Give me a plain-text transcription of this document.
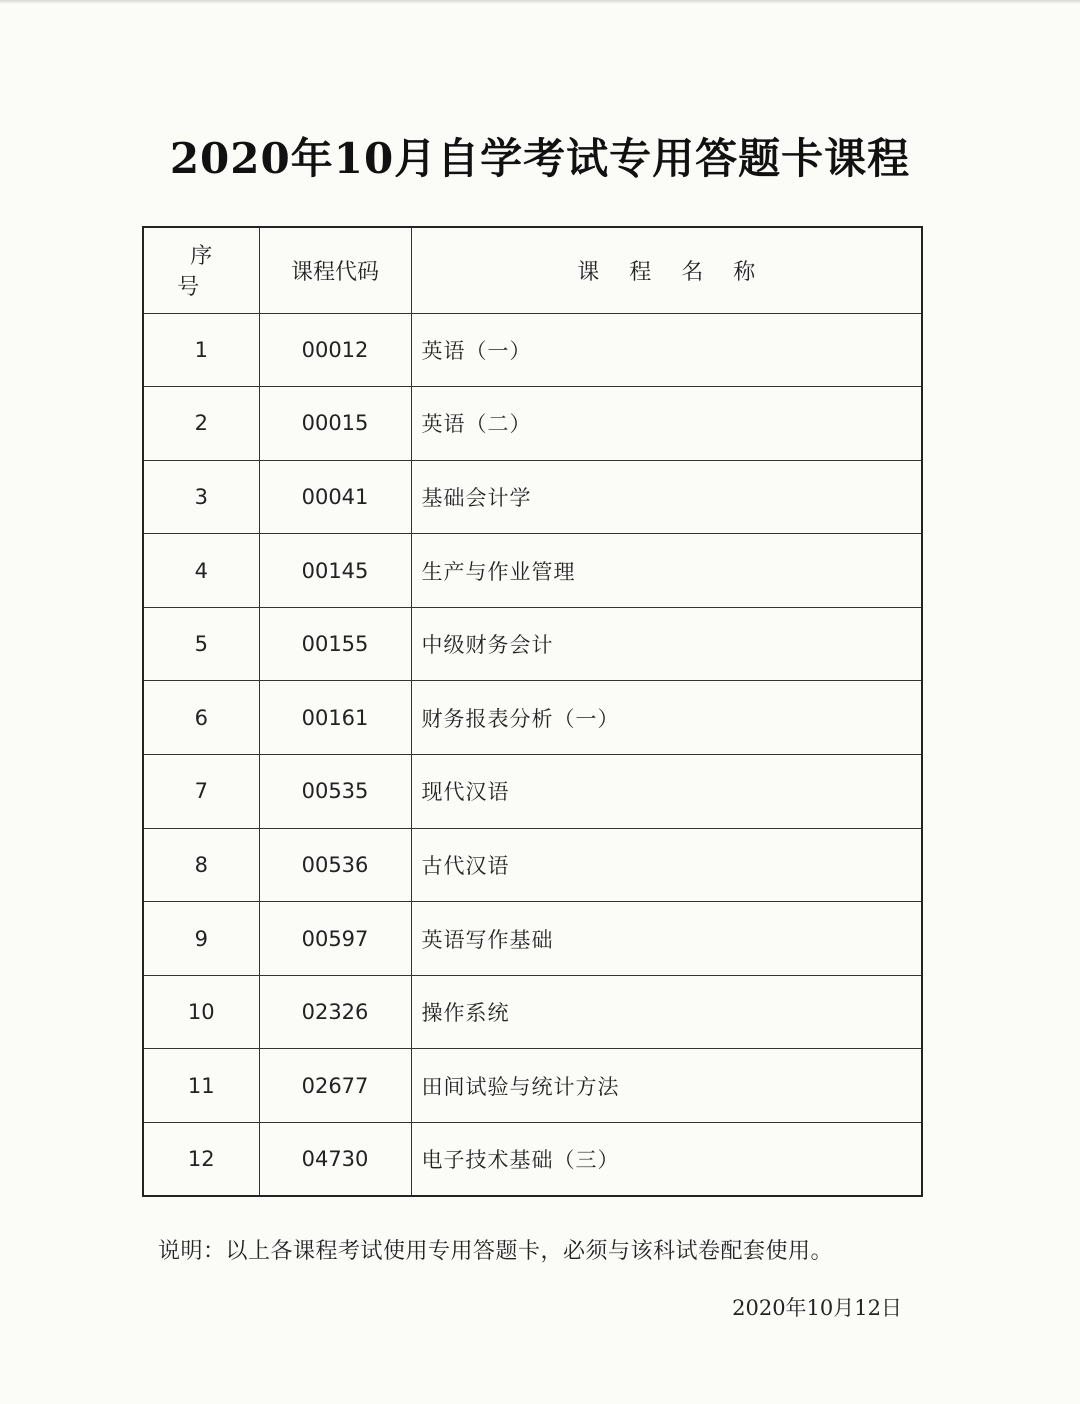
2020年10月自学考试专用答题卡课程
序号	课程代码	课程名称
1	00012	英语（一）
2	00015	英语（二）
3	00041	基础会计学
4	00145	生产与作业管理
5	00155	中级财务会计
6	00161	财务报表分析（一）
7	00535	现代汉语
8	00536	古代汉语
9	00597	英语写作基础
10	02326	操作系统
11	02677	田间试验与统计方法
12	04730	电子技术基础（三）
说明：以上各课程考试使用专用答题卡，必须与该科试卷配套使用。
2020年10月12日
